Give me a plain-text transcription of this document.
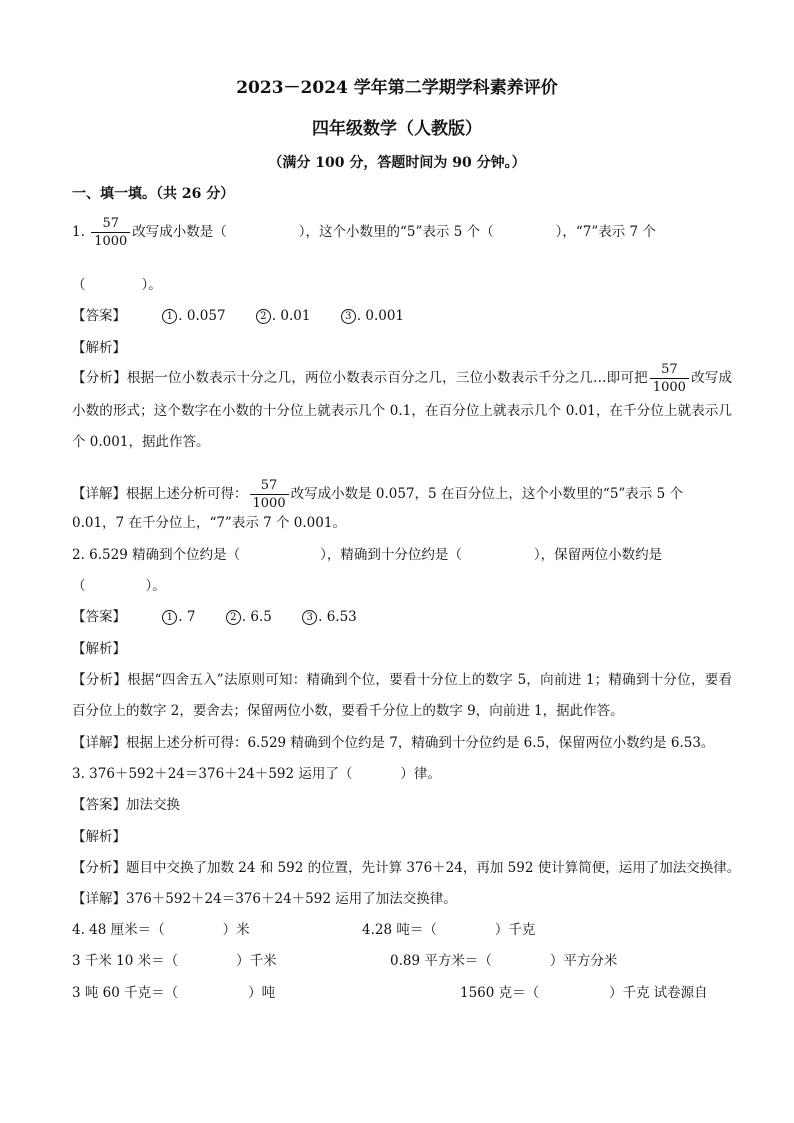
2023－2024 学年第二学期学科素养评价
四年级数学（人教版）
（满分 100 分，答题时间为 90 分钟。）
一、填一填。（共 26 分）
1. $\frac{57}{1000}$ 改写成小数是（	），这个小数里的“5”表示 5 个（	），“7”表示 7 个
（	）。
【答案】	1 . 0.057	2 . 0.01	3 . 0.001
【解析】
【分析】根据一位小数表示十分之几，两位小数表示百分之几，三位小数表示千分之几…即可把 $\frac{57}{1000}$ 改写成小数的形式；这个数字在小数的十分位上就表示几个 0.1，在百分位上就表示几个 0.01，在千分位上就表示几个 0.001，据此作答。
【详解】根据上述分析可得： $\frac{57}{1000}$ 改写成小数是 0.057，5 在百分位上，这个小数里的“5”表示 5 个
0.01，7 在千分位上，“7”表示 7 个 0.001。
2. 6.529 精确到个位约是（	），精确到十分位约是（	），保留两位小数约是
（	）。
【答案】	1 . 7	2 . 6.5	3 . 6.53
【解析】
【分析】根据“四舍五入”法原则可知：精确到个位，要看十分位上的数字 5，向前进 1；精确到十分位，要看百分位上的数字 2，要舍去；保留两位小数，要看千分位上的数字 9，向前进 1，据此作答。
【详解】根据上述分析可得：6.529 精确到个位约是 7，精确到十分位约是 6.5，保留两位小数约是 6.53。
3. 376＋592＋24＝376＋24＋592 运用了（	）律。
【答案】加法交换
【解析】
【分析】题目中交换了加数 24 和 592 的位置，先计算 376＋24，再加 592 使计算简便，运用了加法交换律。
【详解】376＋592＋24＝376＋24＋592 运用了加法交换律。
4. 48 厘米＝（	）米	4.28 吨＝（	）千克
3 千米 10 米＝（	）千米	0.89 平方米＝（	）平方分米
3 吨 60 千克＝（	）吨	1560 克＝（	）千克 试卷源自
